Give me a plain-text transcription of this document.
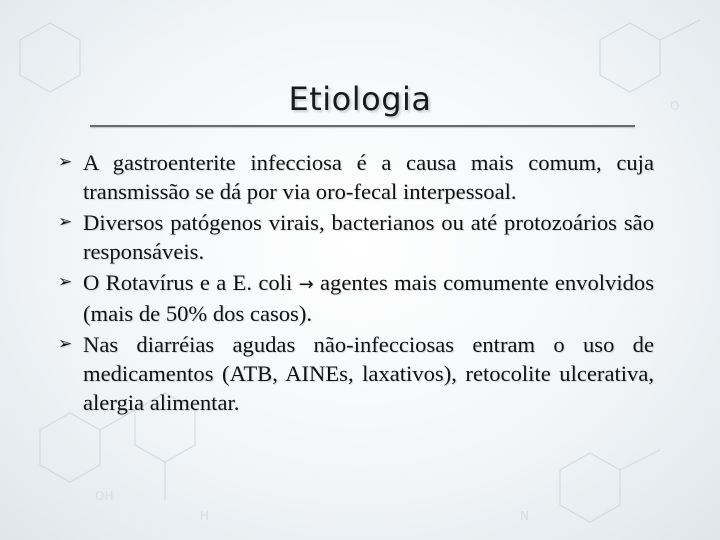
H
OH
O
N
Etiologia
➢ A gastroenterite infecciosa é a causa mais comum, cuja transmissão se dá por via oro-fecal interpessoal.
➢ Diversos patógenos virais, bacterianos ou até protozoários são responsáveis.
➢ O Rotavírus e a E. coli → agentes mais comumente envolvidos (mais de 50% dos casos).
➢ Nas diarréias agudas não-infecciosas entram o uso de medicamentos (ATB, AINEs, laxativos), retocolite ulcerativa, alergia alimentar.
